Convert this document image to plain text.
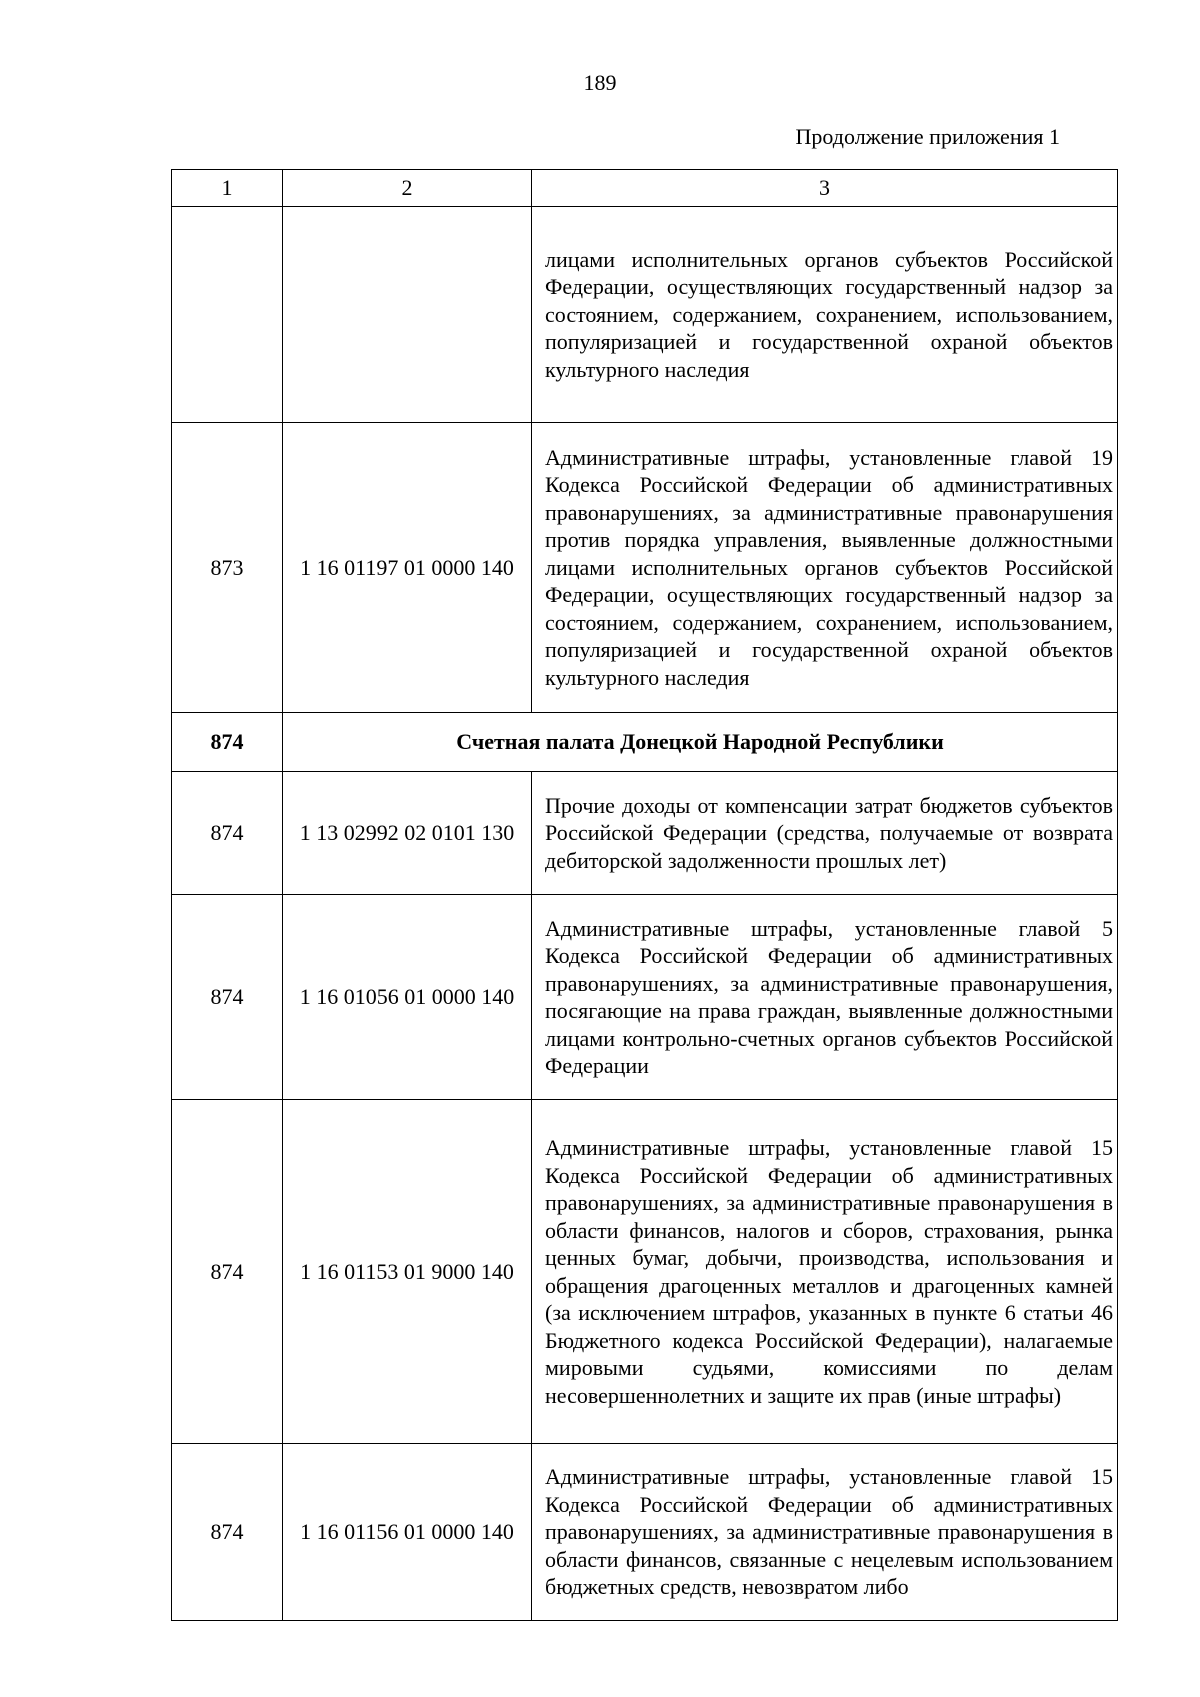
189
Продолжение приложения 1
1	2	3
		лицами исполнительных органов субъектов Российской Федерации, осуществляющих государственный надзор за состоянием, содержанием, сохранением, использованием, популяризацией и государственной охраной объектов культурного наследия
873	1 16 01197 01 0000 140	Административные штрафы, установленные главой 19 Кодекса Российской Федерации об административных правонарушениях, за административные правонарушения против порядка управления, выявленные должностными лицами исполнительных органов субъектов Российской Федерации, осуществляющих государственный надзор за состоянием, содержанием, сохранением, использованием, популяризацией и государственной охраной объектов культурного наследия
874	Счетная палата Донецкой Народной Республики	
874	1 13 02992 02 0101 130	Прочие доходы от компенсации затрат бюджетов субъектов Российской Федерации (средства, получаемые от возврата дебиторской задолженности прошлых лет)
874	1 16 01056 01 0000 140	Административные штрафы, установленные главой 5 Кодекса Российской Федерации об административных правонарушениях, за административные правонарушения, посягающие на права граждан, выявленные должностными лицами контрольно-счетных органов субъектов Российской Федерации
874	1 16 01153 01 9000 140	Административные штрафы, установленные главой 15 Кодекса Российской Федерации об административных правонарушениях, за административные правонарушения в области финансов, налогов и сборов, страхования, рынка ценных бумаг, добычи, производства, использования и обращения драгоценных металлов и драгоценных камней (за исключением штрафов, указанных в пункте 6 статьи 46 Бюджетного кодекса Российской Федерации), налагаемые мировыми судьями, комиссиями по делам несовершеннолетних и защите их прав (иные штрафы)
874	1 16 01156 01 0000 140	Административные штрафы, установленные главой 15 Кодекса Российской Федерации об административных правонарушениях, за административные правонарушения в области финансов, связанные с нецелевым использованием бюджетных средств, невозвратом либо
